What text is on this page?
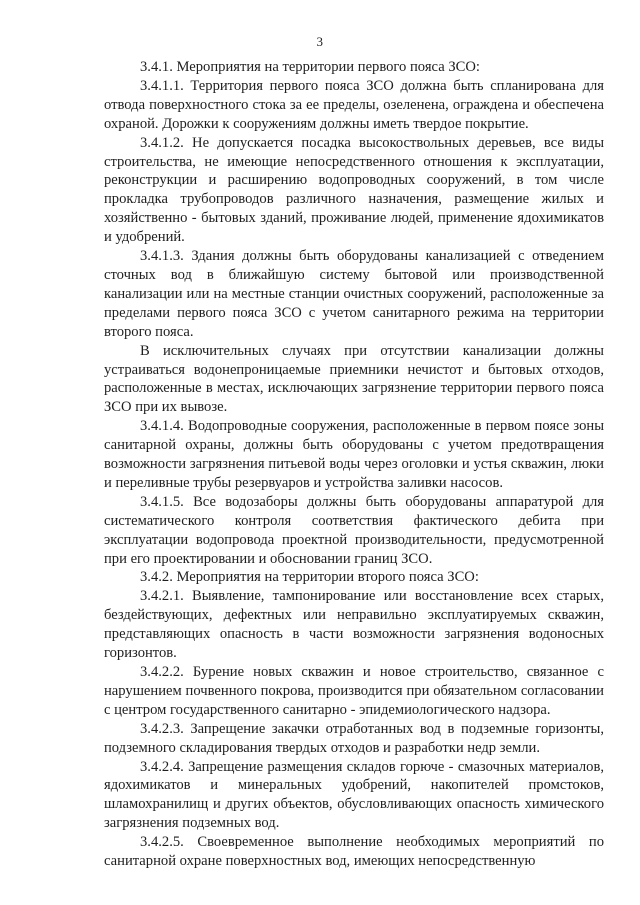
3

3.4.1. Мероприятия на территории первого пояса ЗСО:

3.4.1.1. Территория первого пояса ЗСО должна быть спланирована для отвода поверхностного стока за ее пределы, озеленена, ограждена и обеспечена охраной. Дорожки к сооружениям должны иметь твердое покрытие.

3.4.1.2. Не допускается посадка высокоствольных деревьев, все виды строительства, не имеющие непосредственного отношения к эксплуатации, реконструкции и расширению водопроводных сооружений, в том числе прокладка трубопроводов различного назначения, размещение жилых и хозяйственно - бытовых зданий, проживание людей, применение ядохимикатов и удобрений.

3.4.1.3. Здания должны быть оборудованы канализацией с отведением сточных вод в ближайшую систему бытовой или производственной канализации или на местные станции очистных сооружений, расположенные за пределами первого пояса ЗСО с учетом санитарного режима на территории второго пояса.

В исключительных случаях при отсутствии канализации должны устраиваться водонепроницаемые приемники нечистот и бытовых отходов, расположенные в местах, исключающих загрязнение территории первого пояса ЗСО при их вывозе.

3.4.1.4. Водопроводные сооружения, расположенные в первом поясе зоны санитарной охраны, должны быть оборудованы с учетом предотвращения возможности загрязнения питьевой воды через оголовки и устья скважин, люки и переливные трубы резервуаров и устройства заливки насосов.

3.4.1.5. Все водозаборы должны быть оборудованы аппаратурой для систематического контроля соответствия фактического дебита при эксплуатации водопровода проектной производительности, предусмотренной при его проектировании и обосновании границ ЗСО.

3.4.2. Мероприятия на территории второго пояса ЗСО:

3.4.2.1. Выявление, тампонирование или восстановление всех старых, бездействующих, дефектных или неправильно эксплуатируемых скважин, представляющих опасность в части возможности загрязнения водоносных горизонтов.

3.4.2.2. Бурение новых скважин и новое строительство, связанное с нарушением почвенного покрова, производится при обязательном согласовании с центром государственного санитарно - эпидемиологического надзора.

3.4.2.3. Запрещение закачки отработанных вод в подземные горизонты, подземного складирования твердых отходов и разработки недр земли.

3.4.2.4. Запрещение размещения складов горюче - смазочных материалов, ядохимикатов и минеральных удобрений, накопителей промстоков, шламохранилищ и других объектов, обусловливающих опасность химического загрязнения подземных вод.

3.4.2.5. Своевременное выполнение необходимых мероприятий по санитарной охране поверхностных вод, имеющих непосредственную
